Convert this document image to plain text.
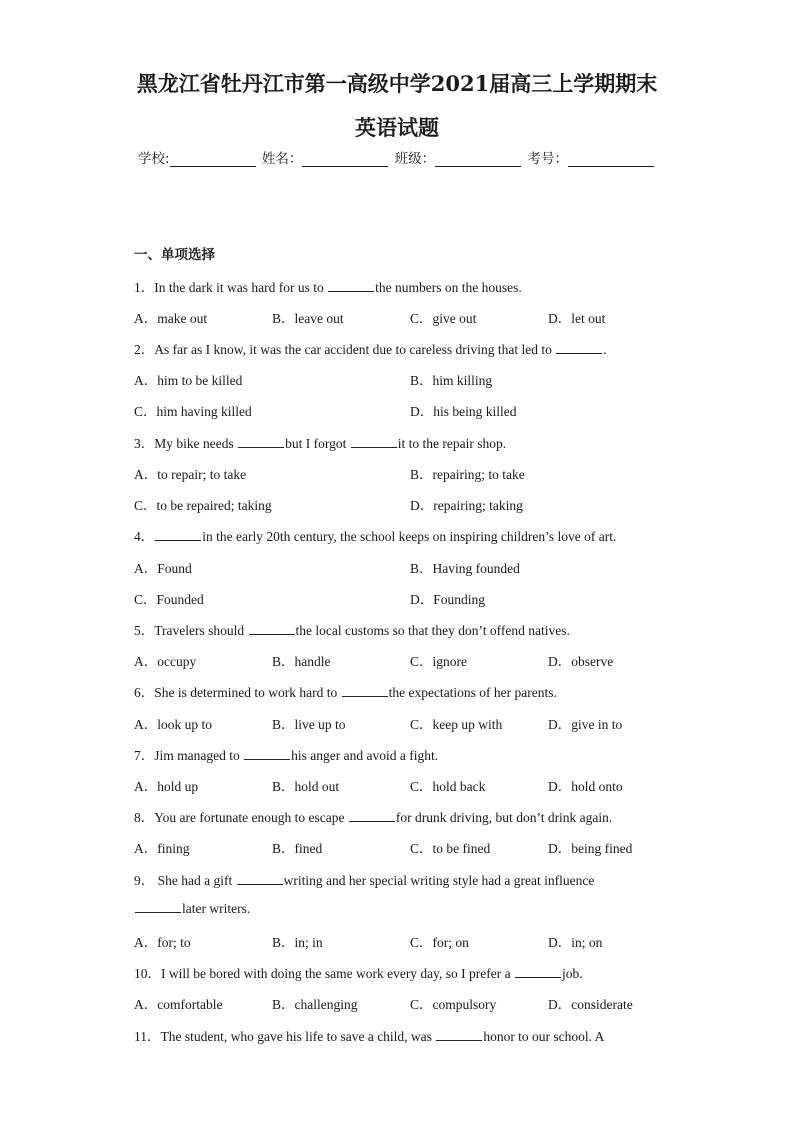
黑龙江省牡丹江市第一高级中学2021届高三上学期期末
英语试题
学校:	姓名：	班级：	考号：
一、单项选择
1．In the dark it was hard for us to	the numbers on the houses.
A．make out	B．leave out	C．give out	D．let out
2．As far as I know, it was the car accident due to careless driving that led to	.
A．him to be killed	B．him killing
C．him having killed	D．his being killed
3．My bike needs	but I forgot	it to the repair shop.
A．to repair; to take	B．repairing; to take
C．to be repaired; taking	D．repairing; taking
4．	in the early 20th century, the school keeps on inspiring children’s love of art.
A．Found	B．Having founded
C．Founded	D．Founding
5．Travelers should	the local customs so that they don’t offend natives.
A．occupy	B．handle	C．ignore	D．observe
6．She is determined to work hard to	the expectations of her parents.
A．look up to	B．live up to	C．keep up with	D．give in to
7．Jim managed to	his anger and avoid a fight.
A．hold up	B．hold out	C．hold back	D．hold onto
8．You are fortunate enough to escape	for drunk driving, but don’t drink again.
A．fining	B．fined	C．to be fined	D．being fined
9． She had a gift	writing and her special writing style had a great influence
later writers.
A．for; to	B．in; in	C．for; on	D．in; on
10．I will be bored with doing the same work every day, so I prefer a	job.
A．comfortable	B．challenging	C．compulsory	D．considerate
11．The student, who gave his life to save a child, was	honor to our school. A
